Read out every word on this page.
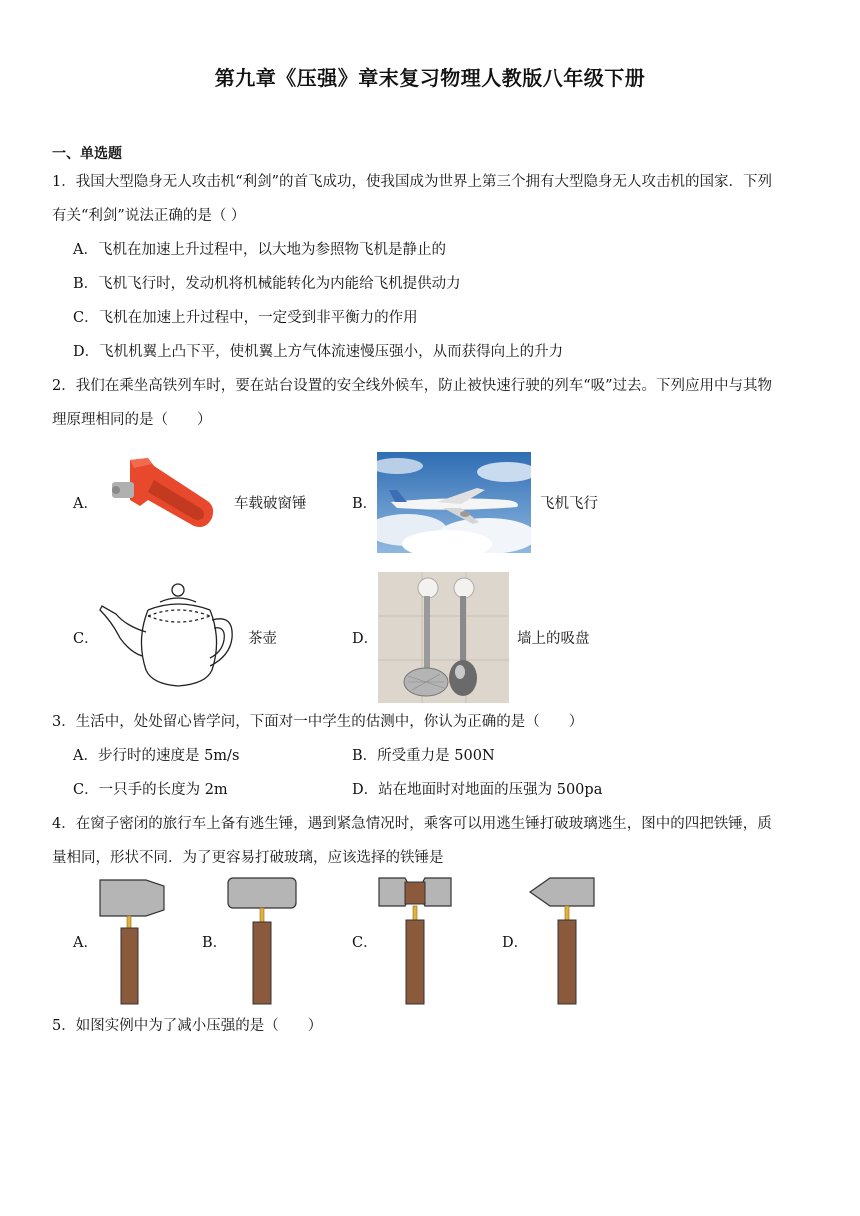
第九章《压强》章末复习物理人教版八年级下册
一、单选题
1．我国大型隐身无人攻击机“利剑”的首飞成功，使我国成为世界上第三个拥有大型隐身无人攻击机的国家．下列
有关“利剑”说法正确的是（ ）
A．飞机在加速上升过程中，以大地为参照物飞机是静止的
B．飞机飞行时，发动机将机械能转化为内能给飞机提供动力
C．飞机在加速上升过程中，一定受到非平衡力的作用
D．飞机机翼上凸下平，使机翼上方气体流速慢压强小，从而获得向上的升力
2．我们在乘坐高铁列车时，要在站台设置的安全线外候车，防止被快速行驶的列车“吸”过去。下列应用中与其物
理原理相同的是（　　）
A．	车载破窗锤	B．	飞机飞行
C．	茶壶	D．	墙上的吸盘
3．生活中，处处留心皆学问，下面对一中学生的估测中，你认为正确的是（　　）
A．步行时的速度是 5m/s	B．所受重力是 500N
C．一只手的长度为 2m	D．站在地面时对地面的压强为 500pa
4．在窗子密闭的旅行车上备有逃生锤，遇到紧急情况时，乘客可以用逃生锤打破玻璃逃生，图中的四把铁锤，质
量相同，形状不同．为了更容易打破玻璃，应该选择的铁锤是
A．	B．	C．	D．
5．如图实例中为了减小压强的是（　　）
